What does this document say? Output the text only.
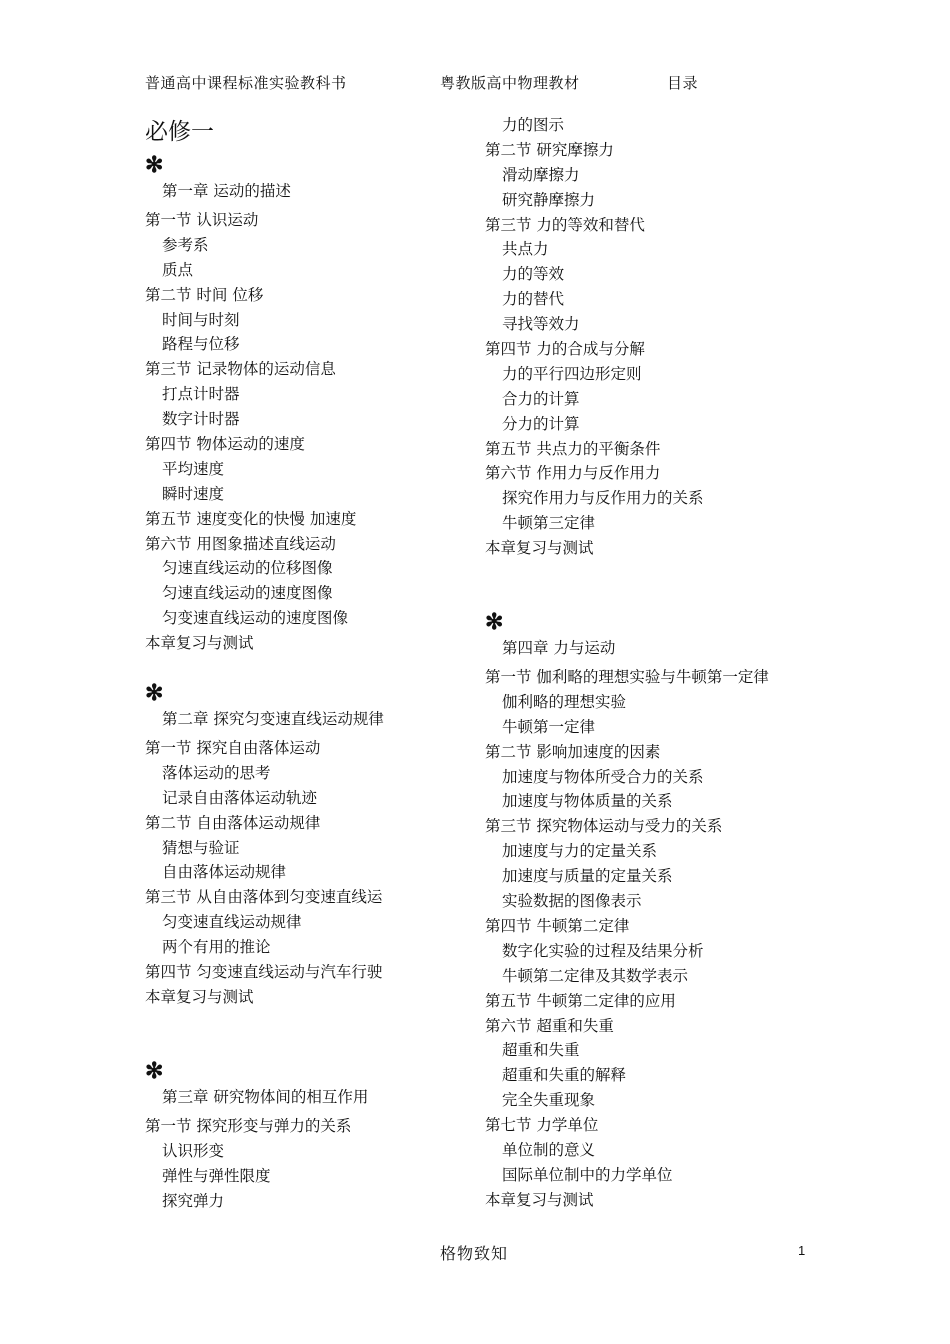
普通高中课程标准实验教科书	粤教版高中物理教材	目录
必修一
✻
第一章 运动的描述
第一节 认识运动
参考系
质点
第二节 时间 位移
时间与时刻
路程与位移
第三节 记录物体的运动信息
打点计时器
数字计时器
第四节 物体运动的速度
平均速度
瞬时速度
第五节 速度变化的快慢 加速度
第六节 用图象描述直线运动
匀速直线运动的位移图像
匀速直线运动的速度图像
匀变速直线运动的速度图像
本章复习与测试
✻
第二章 探究匀变速直线运动规律
第一节 探究自由落体运动
落体运动的思考
记录自由落体运动轨迹
第二节 自由落体运动规律
猜想与验证
自由落体运动规律
第三节 从自由落体到匀变速直线运
匀变速直线运动规律
两个有用的推论
第四节 匀变速直线运动与汽车行驶
本章复习与测试
✻
第三章 研究物体间的相互作用
第一节 探究形变与弹力的关系
认识形变
弹性与弹性限度
探究弹力
力的图示
第二节 研究摩擦力
滑动摩擦力
研究静摩擦力
第三节 力的等效和替代
共点力
力的等效
力的替代
寻找等效力
第四节 力的合成与分解
力的平行四边形定则
合力的计算
分力的计算
第五节 共点力的平衡条件
第六节 作用力与反作用力
探究作用力与反作用力的关系
牛顿第三定律
本章复习与测试
✻
第四章 力与运动
第一节 伽利略的理想实验与牛顿第一定律
伽利略的理想实验
牛顿第一定律
第二节 影响加速度的因素
加速度与物体所受合力的关系
加速度与物体质量的关系
第三节 探究物体运动与受力的关系
加速度与力的定量关系
加速度与质量的定量关系
实验数据的图像表示
第四节 牛顿第二定律
数字化实验的过程及结果分析
牛顿第二定律及其数学表示
第五节 牛顿第二定律的应用
第六节 超重和失重
超重和失重
超重和失重的解释
完全失重现象
第七节 力学单位
单位制的意义
国际单位制中的力学单位
本章复习与测试
格物致知	1
